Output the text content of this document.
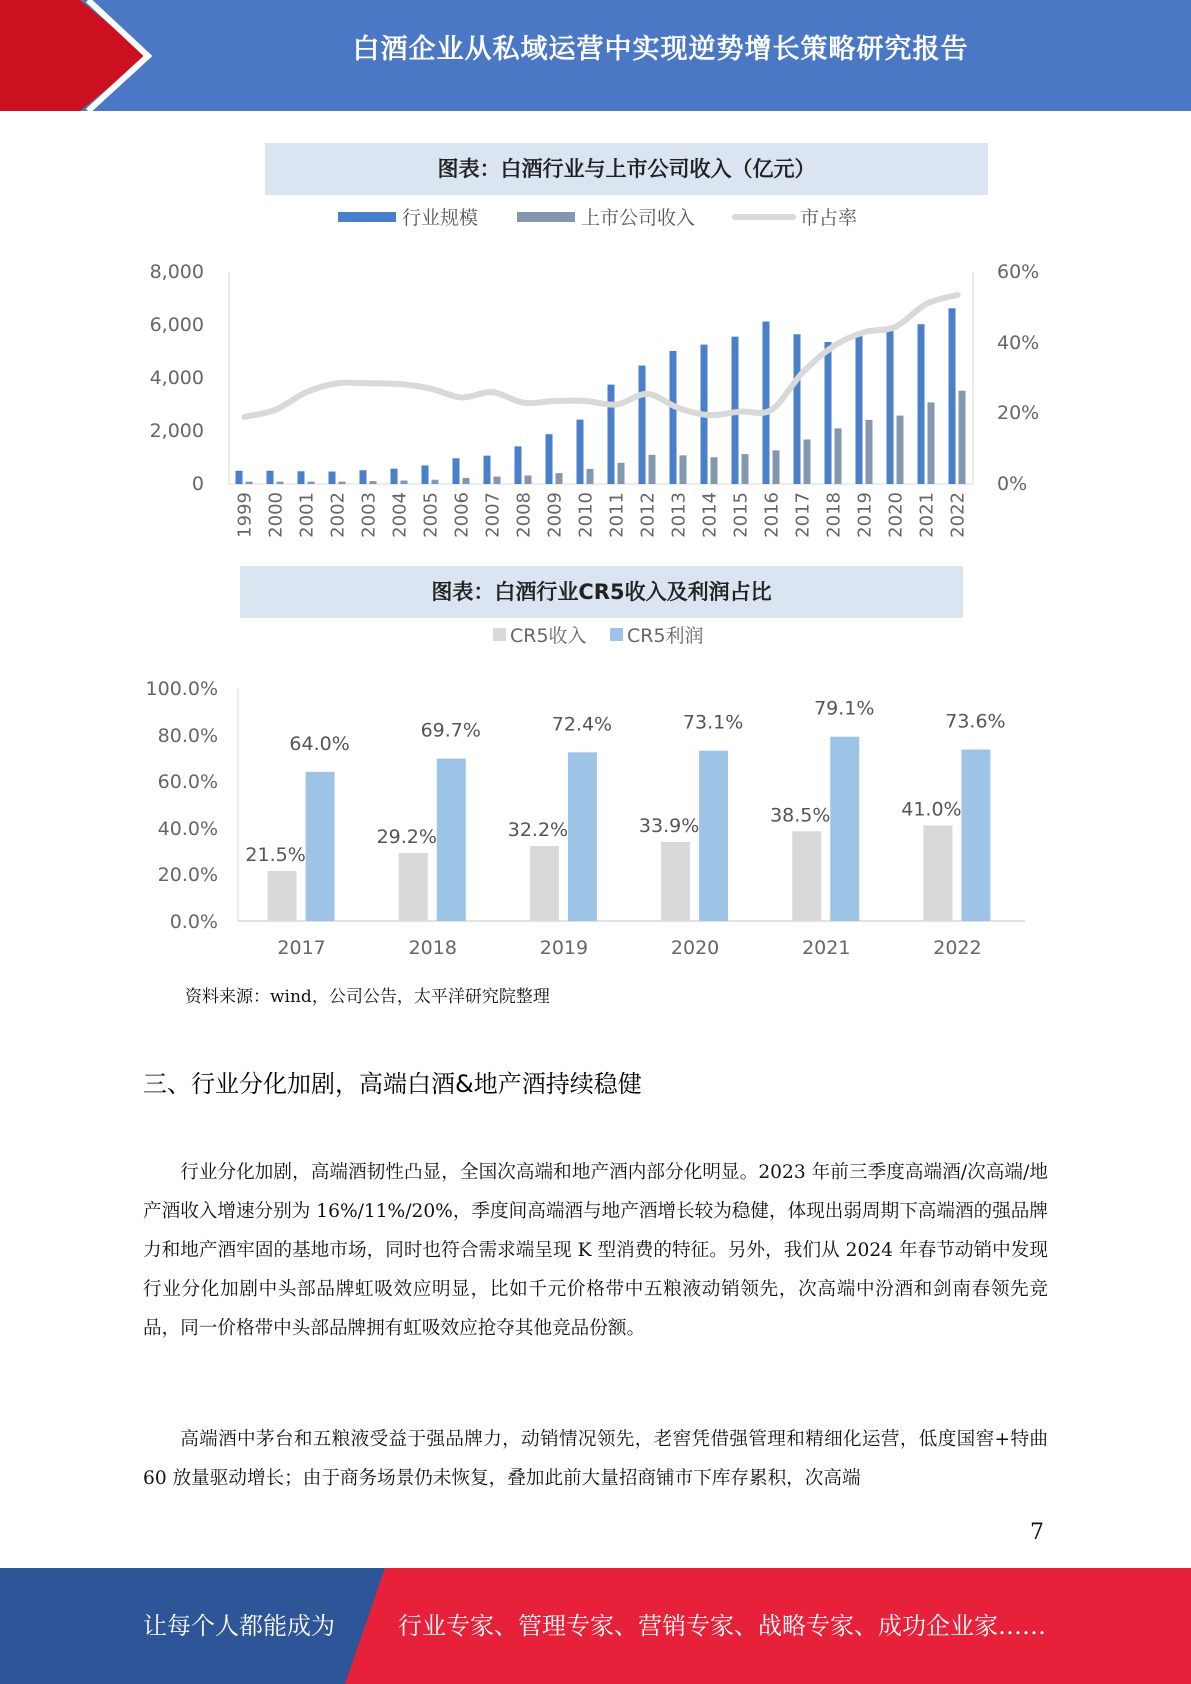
白酒企业从私域运营中实现逆势增长策略研究报告
图表：白酒行业与上市公司收入（亿元）
行业规模	上市公司收入	市占率
8,000
6,000
4,000
2,000
0
60%
40%
20%
0%
1999 2000 2001 2002 2003 2004 2005 2006 2007 2008 2009 2010 2011 2012 2013 2014 2015 2016 2017 2018 2019 2020 2021 2022
图表：白酒行业CR5收入及利润占比
CR5收入 CR5利润
100.0%
80.0%
60.0%
40.0%
20.0%
0.0%
21.5%
64.0%
2017
29.2%
69.7%
2018
32.2%
72.4%
2019
33.9%
73.1%
2020
38.5%
79.1%
2021
41.0%
73.6%
2022
资料来源：wind，公司公告，太平洋研究院整理
三、行业分化加剧，高端白酒&地产酒持续稳健

行业分化加剧，高端酒韧性凸显，全国次高端和地产酒内部分化明显。2023 年前三季度高端酒/次高端/地产酒收入增速分别为 16%/11%/20%，季度间高端酒与地产酒增长较为稳健，体现出弱周期下高端酒的强品牌力和地产酒牢固的基地市场，同时也符合需求端呈现 K 型消费的特征。另外，我们从 2024 年春节动销中发现行业分化加剧中头部品牌虹吸效应明显，比如千元价格带中五粮液动销领先，次高端中汾酒和剑南春领先竞品，同一价格带中头部品牌拥有虹吸效应抢夺其他竞品份额。

高端酒中茅台和五粮液受益于强品牌力，动销情况领先，老窖凭借强管理和精细化运营，低度国窖+特曲 60 放量驱动增长；由于商务场景仍未恢复，叠加此前大量招商铺市下库存累积，次高端

7
让每个人都能成为	行业专家、管理专家、营销专家、战略专家、成功企业家……
